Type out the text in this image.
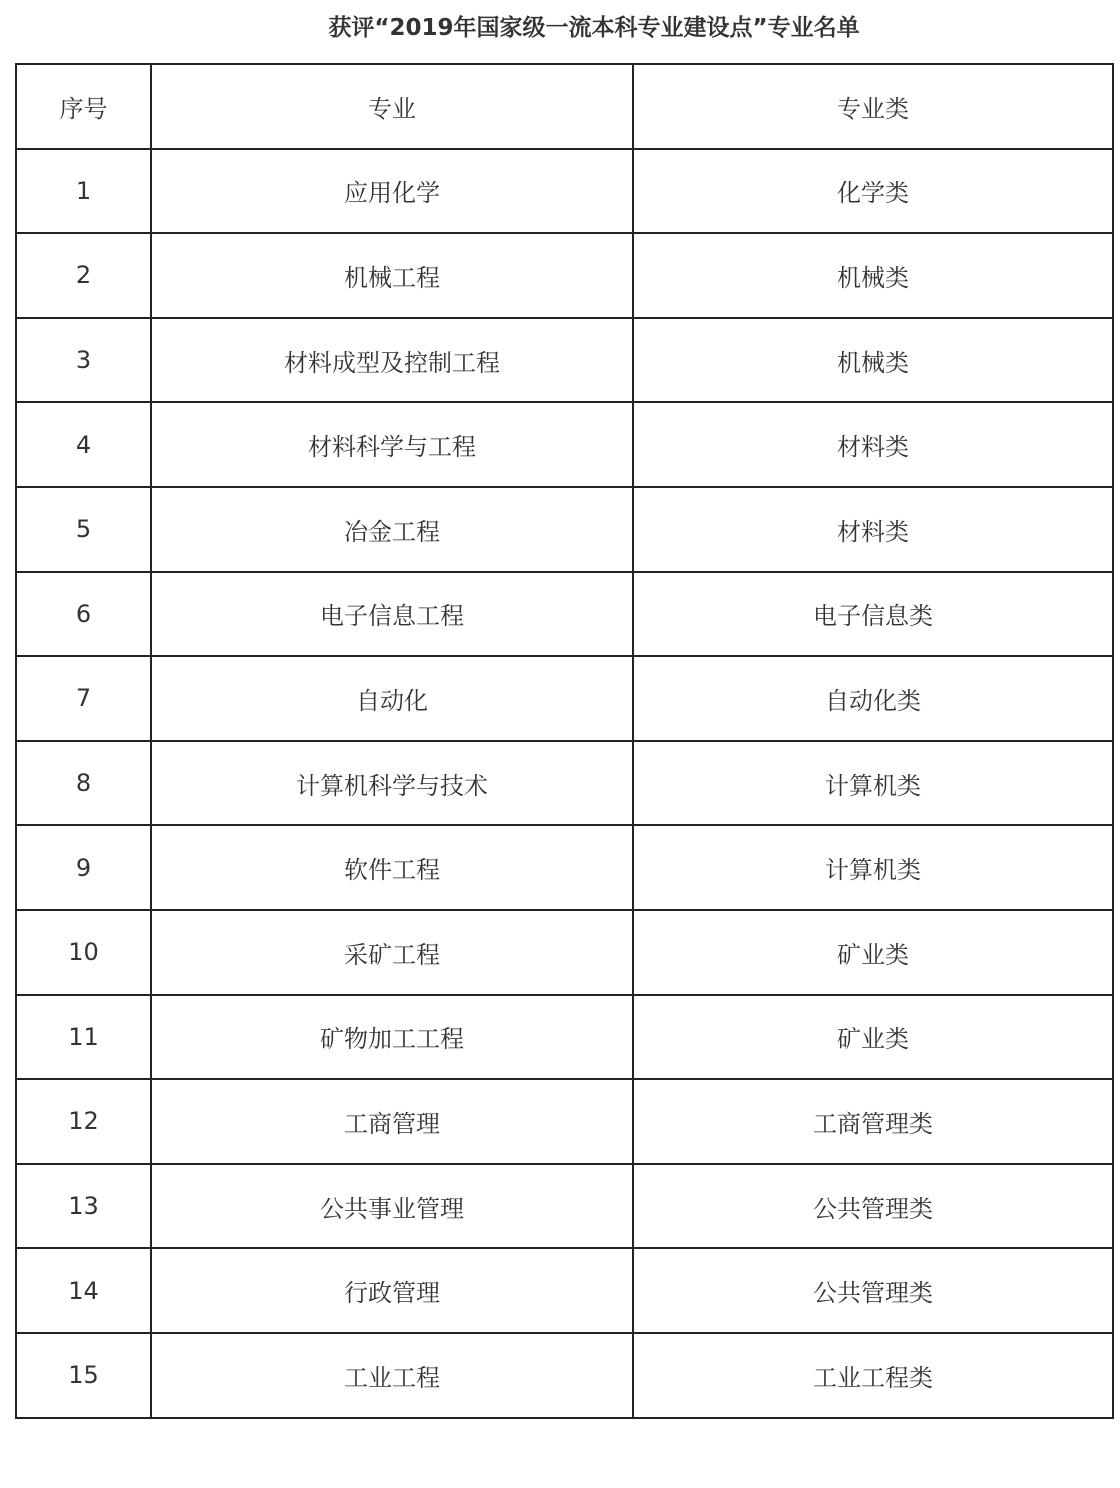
获评“2019年国家级一流本科专业建设点”专业名单
序号	专业	专业类
1	应用化学	化学类
2	机械工程	机械类
3	材料成型及控制工程	机械类
4	材料科学与工程	材料类
5	冶金工程	材料类
6	电子信息工程	电子信息类
7	自动化	自动化类
8	计算机科学与技术	计算机类
9	软件工程	计算机类
10	采矿工程	矿业类
11	矿物加工工程	矿业类
12	工商管理	工商管理类
13	公共事业管理	公共管理类
14	行政管理	公共管理类
15	工业工程	工业工程类
